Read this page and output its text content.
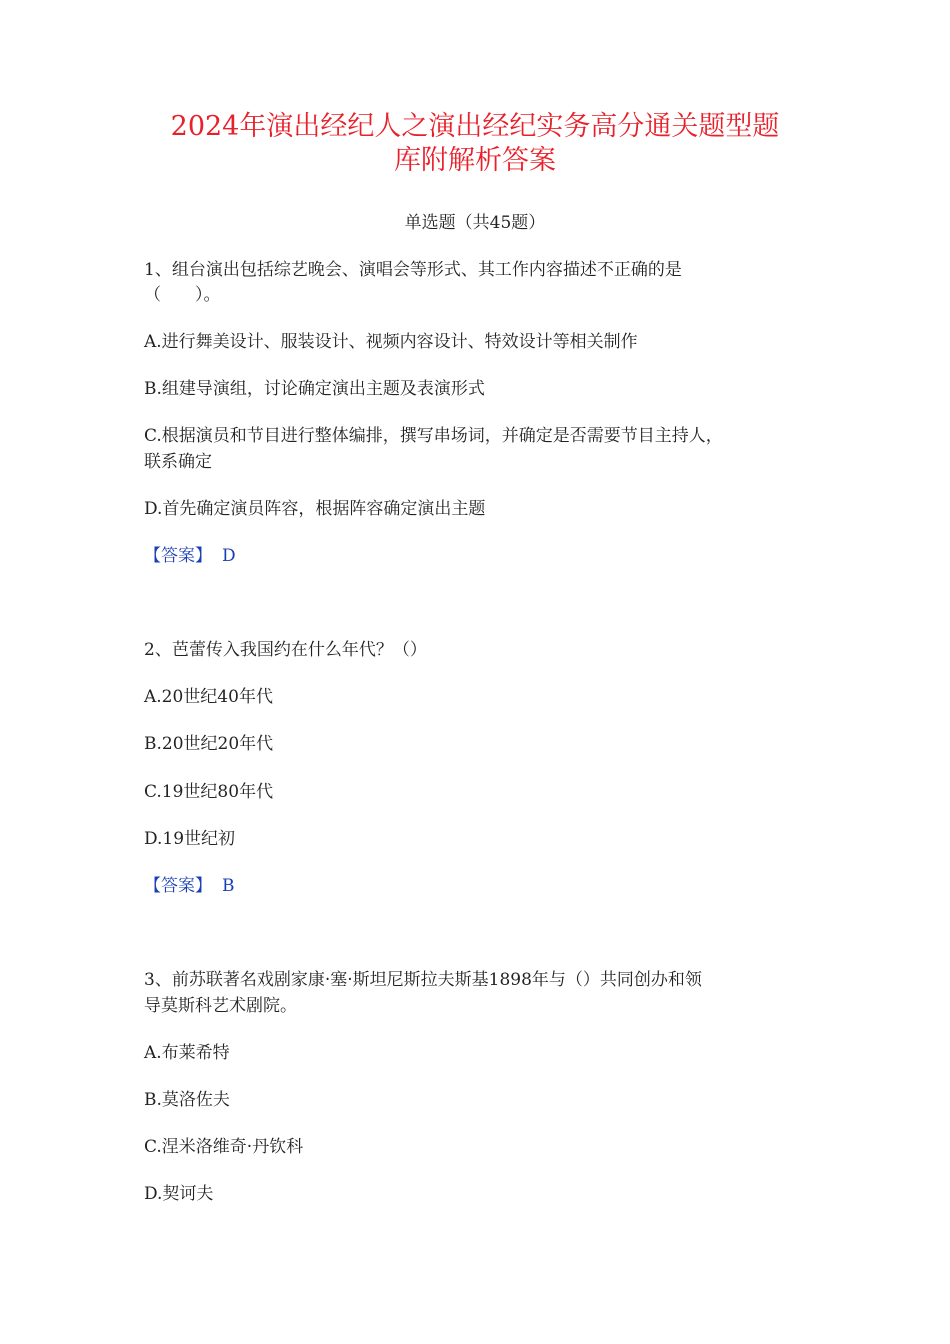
2024年演出经纪人之演出经纪实务高分通关题型题
库附解析答案
单选题（共45题）
1、组台演出包括综艺晚会、演唱会等形式、其工作内容描述不正确的是
（　　）。
A.进行舞美设计、服装设计、视频内容设计、特效设计等相关制作
B.组建导演组，讨论确定演出主题及表演形式
C.根据演员和节目进行整体编排，撰写串场词，并确定是否需要节目主持人，
联系确定
D.首先确定演员阵容，根据阵容确定演出主题
【答案】 D
2、芭蕾传入我国约在什么年代？（）
A.20世纪40年代
B.20世纪20年代
C.19世纪80年代
D.19世纪初
【答案】 B
3、前苏联著名戏剧家康·塞·斯坦尼斯拉夫斯基1898年与（）共同创办和领
导莫斯科艺术剧院。
A.布莱希特
B.莫洛佐夫
C.涅米洛维奇·丹钦科
D.契诃夫
